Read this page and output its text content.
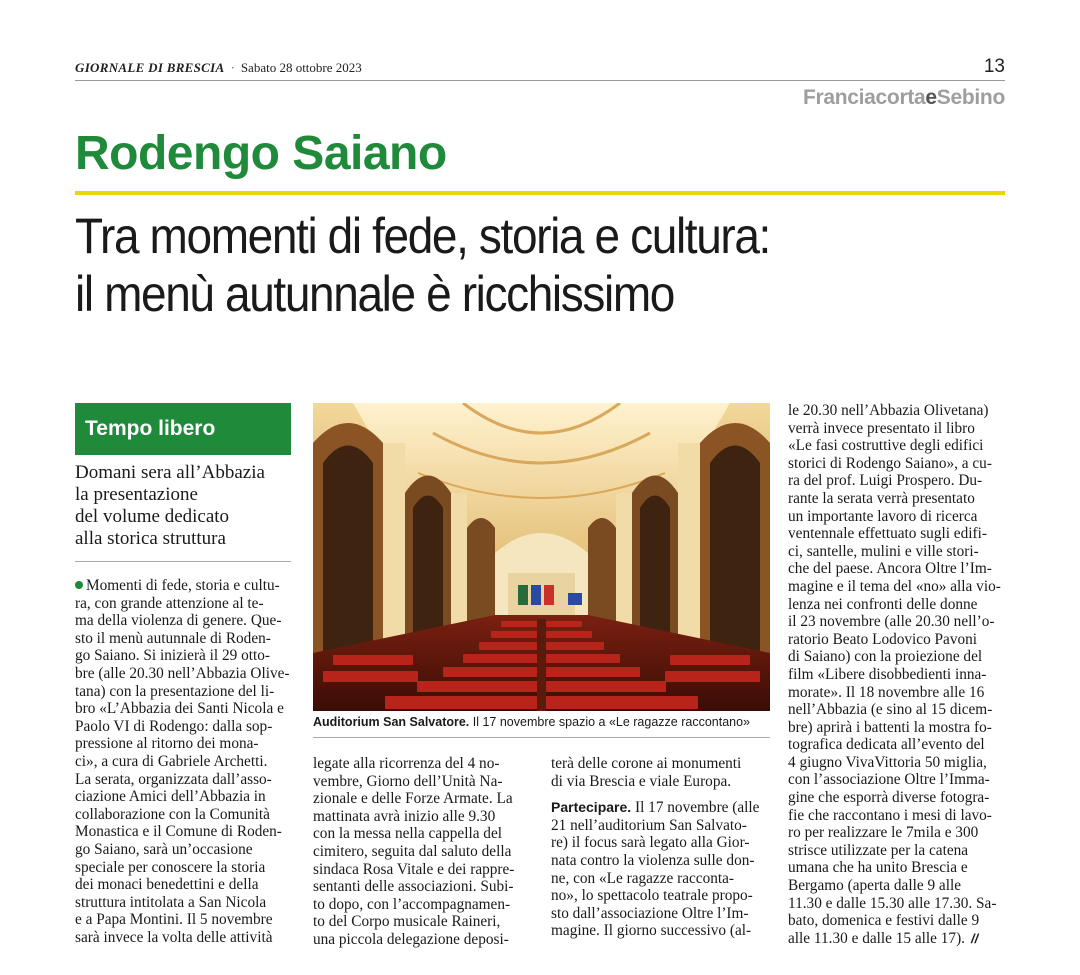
GIORNALE DI BRESCIA · Sabato 28 ottobre 2023	13
FranciacortaeSebino
Rodengo Saiano
Tra momenti di fede, storia e cultura:
il menù autunnale è ricchissimo
Tempo libero
Domani sera all’Abbazia
la presentazione
del volume dedicato
alla storica struttura
Momenti di fede, storia e cultu-
ra, con grande attenzione al te-
ma della violenza di genere. Que-
sto il menù autunnale di Roden-
go Saiano. Si inizierà il 29 otto-
bre (alle 20.30 nell’Abbazia Olive-
tana) con la presentazione del li-
bro «L’Abbazia dei Santi Nicola e
Paolo VI di Rodengo: dalla sop-
pressione al ritorno dei mona-
ci», a cura di Gabriele Archetti.
La serata, organizzata dall’asso-
ciazione Amici dell’Abbazia in
collaborazione con la Comunità
Monastica e il Comune di Roden-
go Saiano, sarà un’occasione
speciale per conoscere la storia
dei monaci benedettini e della
struttura intitolata a San Nicola
e a Papa Montini. Il 5 novembre
sarà invece la volta delle attività
Auditorium San Salvatore. Il 17 novembre spazio a «Le ragazze raccontano»
legate alla ricorrenza del 4 no-
vembre, Giorno dell’Unità Na-
zionale e delle Forze Armate. La
mattinata avrà inizio alle 9.30
con la messa nella cappella del
cimitero, seguita dal saluto della
sindaca Rosa Vitale e dei rappre-
sentanti delle associazioni. Subi-
to dopo, con l’accompagnamen-
to del Corpo musicale Raineri,
una piccola delegazione deposi-
terà delle corone ai monumenti
di via Brescia e viale Europa.
Partecipare. Il 17 novembre (alle
21 nell’auditorium San Salvato-
re) il focus sarà legato alla Gior-
nata contro la violenza sulle don-
ne, con «Le ragazze racconta-
no», lo spettacolo teatrale propo-
sto dall’associazione Oltre l’Im-
magine. Il giorno successivo (al-
le 20.30 nell’Abbazia Olivetana)
verrà invece presentato il libro
«Le fasi costruttive degli edifici
storici di Rodengo Saiano», a cu-
ra del prof. Luigi Prospero. Du-
rante la serata verrà presentato
un importante lavoro di ricerca
ventennale effettuato sugli edifi-
ci, santelle, mulini e ville stori-
che del paese. Ancora Oltre l’Im-
magine e il tema del «no» alla vio-
lenza nei confronti delle donne
il 23 novembre (alle 20.30 nell’o-
ratorio Beato Lodovico Pavoni
di Saiano) con la proiezione del
film «Libere disobbedienti inna-
morate». Il 18 novembre alle 16
nell’Abbazia (e sino al 15 dicem-
bre) aprirà i battenti la mostra fo-
tografica dedicata all’evento del
4 giugno VivaVittoria 50 miglia,
con l’associazione Oltre l’Imma-
gine che esporrà diverse fotogra-
fie che raccontano i mesi di lavo-
ro per realizzare le 7mila e 300
strisce utilizzate per la catena
umana che ha unito Brescia e
Bergamo (aperta dalle 9 alle
11.30 e dalle 15.30 alle 17.30. Sa-
bato, domenica e festivi dalle 9
alle 11.30 e dalle 15 alle 17). //
